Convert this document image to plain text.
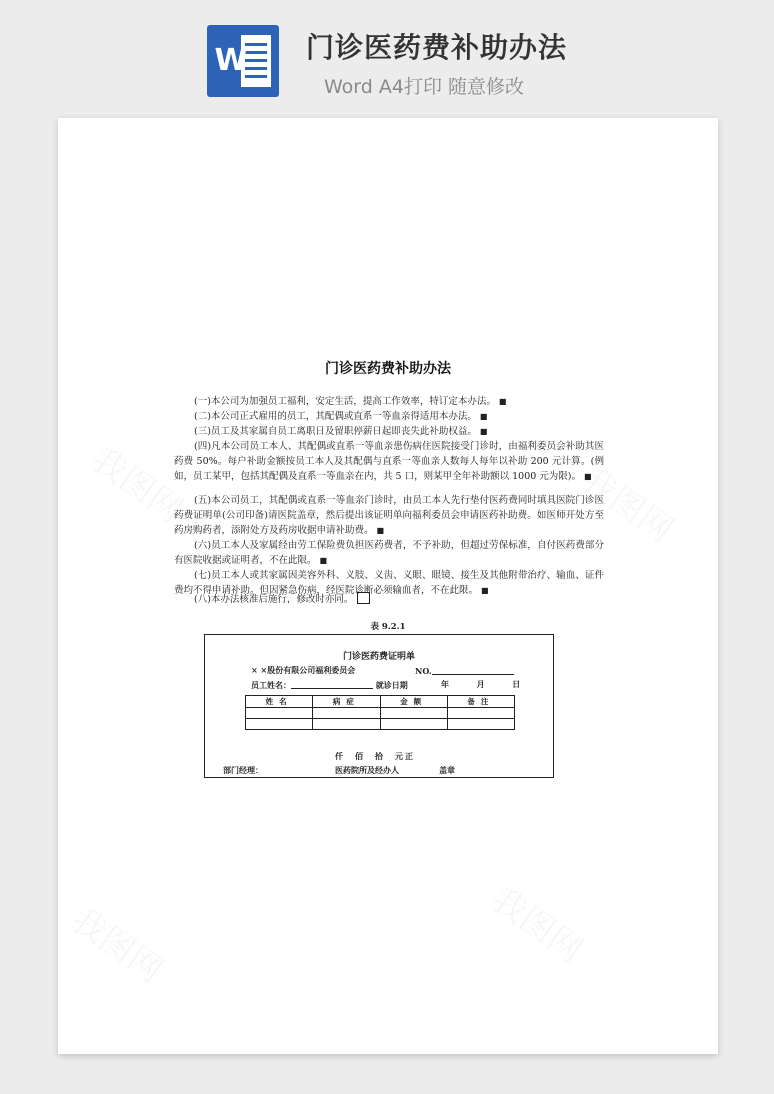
W 门诊医药费补助办法
Word A4打印 随意修改
门诊医药费补助办法
(一)本公司为加强员工福利，安定生活，提高工作效率，特订定本办法。 ■
(二)本公司正式雇用的员工，其配偶或直系一等血亲得适用本办法。 ■
(三)员工及其家属自员工离职日及留职停薪日起即丧失此补助权益。 ■
(四)凡本公司员工本人、其配偶或直系一等血亲患伤病住医院接受门诊时，由福利委员会补助其医药费 50%。每户补助金额按员工本人及其配偶与直系一等血亲人数每人每年以补助 200 元计算。(例如，员工某甲，包括其配偶及直系一等血亲在内，共 5 口，则某甲全年补助额以 1000 元为限)。 ■
(五)本公司员工，其配偶或直系一等血亲门诊时，由员工本人先行垫付医药费同时填具医院门诊医药费证明单(公司印备)请医院盖章，然后提出该证明单向福利委员会申请医药补助费。如医师开处方至药房购药者，添附处方及药房收据申请补助费。 ■
(六)员工本人及家属经由劳工保险费负担医药费者，不予补助，但超过劳保标准，自付医药费部分有医院收据或证明者，不在此限。 ■
(七)员工本人或其家属因美容外科、义肢、义齿、义眼、眼镜、接生及其他附带治疗、输血、证件费均不得申请补助。但因紧急伤病，经医院诊断必须输血者，不在此限。 ■
(八)本办法核准后施行，修改时亦同。
表 9.2.1
门诊医药费证明单
× ×股份有限公司福利委员会	NO.
员工姓名：	就诊日期	年	月	日
姓名	病症	金额	备注

仟　佰　拾　元正
部门经理：	医药院所及经办人	盖章
